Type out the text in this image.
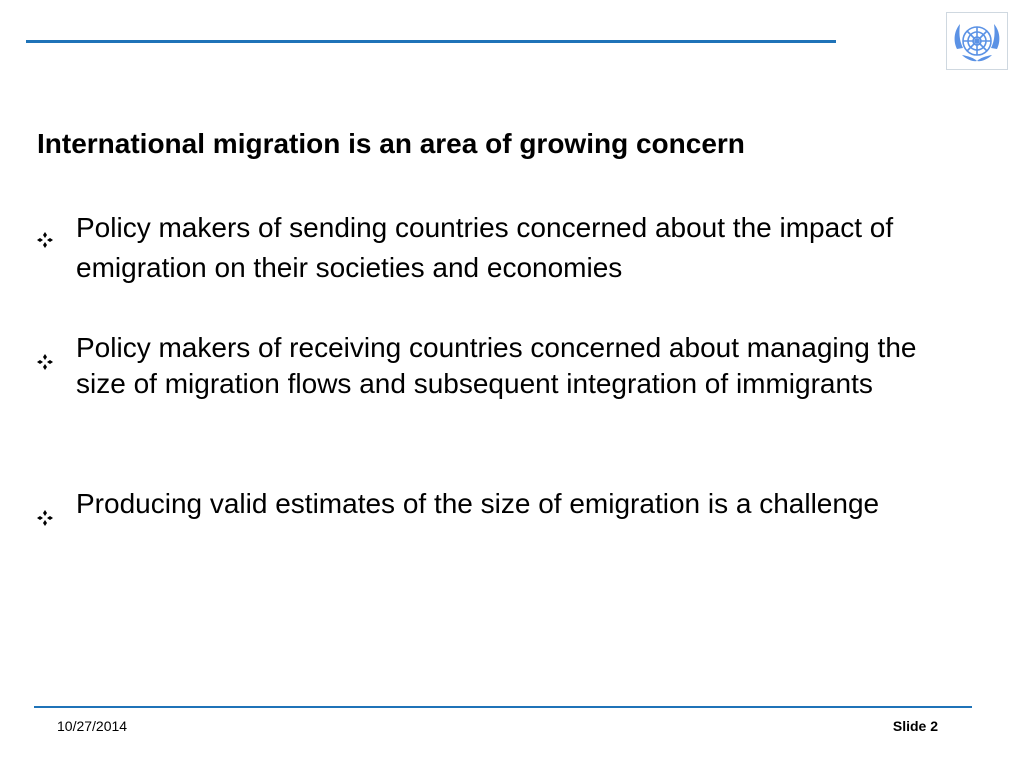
International migration is an area of growing concern
Policy makers of sending countries concerned about the impact of emigration on their societies and economies
Policy makers of receiving countries concerned about managing the size of migration flows and subsequent integration of immigrants
Producing valid estimates of the size of emigration is a challenge
10/27/2014	Slide 2
